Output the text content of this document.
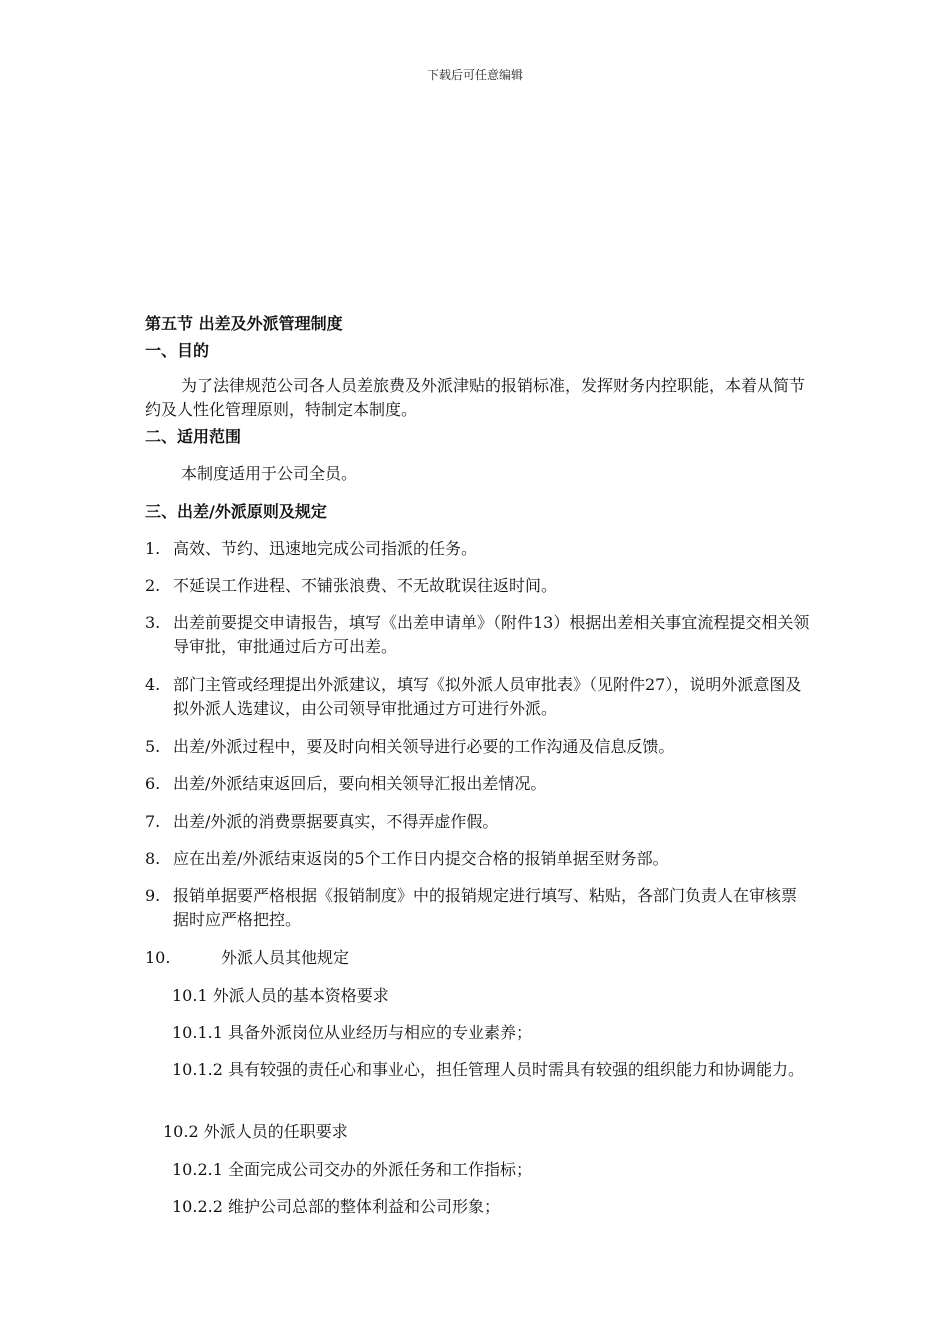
下载后可任意编辑
第五节 出差及外派管理制度
一、目的
为了法律规范公司各人员差旅费及外派津贴的报销标准，发挥财务内控职能，本着从简节约及人性化管理原则，特制定本制度。
二、适用范围
本制度适用于公司全员。
三、出差/外派原则及规定
1. 高效、节约、迅速地完成公司指派的任务。
2. 不延误工作进程、不铺张浪费、不无故耽误往返时间。
3. 出差前要提交申请报告，填写《出差申请单》（附件13）根据出差相关事宜流程提交相关领导审批，审批通过后方可出差。
4. 部门主管或经理提出外派建议，填写《拟外派人员审批表》（见附件27），说明外派意图及拟外派人选建议，由公司领导审批通过方可进行外派。
5. 出差/外派过程中，要及时向相关领导进行必要的工作沟通及信息反馈。
6. 出差/外派结束返回后，要向相关领导汇报出差情况。
7. 出差/外派的消费票据要真实，不得弄虚作假。
8. 应在出差/外派结束返岗的5个工作日内提交合格的报销单据至财务部。
9. 报销单据要严格根据《报销制度》中的报销规定进行填写、粘贴，各部门负责人在审核票据时应严格把控。
10.	外派人员其他规定
10.1 外派人员的基本资格要求
10.1.1 具备外派岗位从业经历与相应的专业素养；
10.1.2 具有较强的责任心和事业心，担任管理人员时需具有较强的组织能力和协调能力。
10.2 外派人员的任职要求
10.2.1 全面完成公司交办的外派任务和工作指标；
10.2.2 维护公司总部的整体利益和公司形象；
